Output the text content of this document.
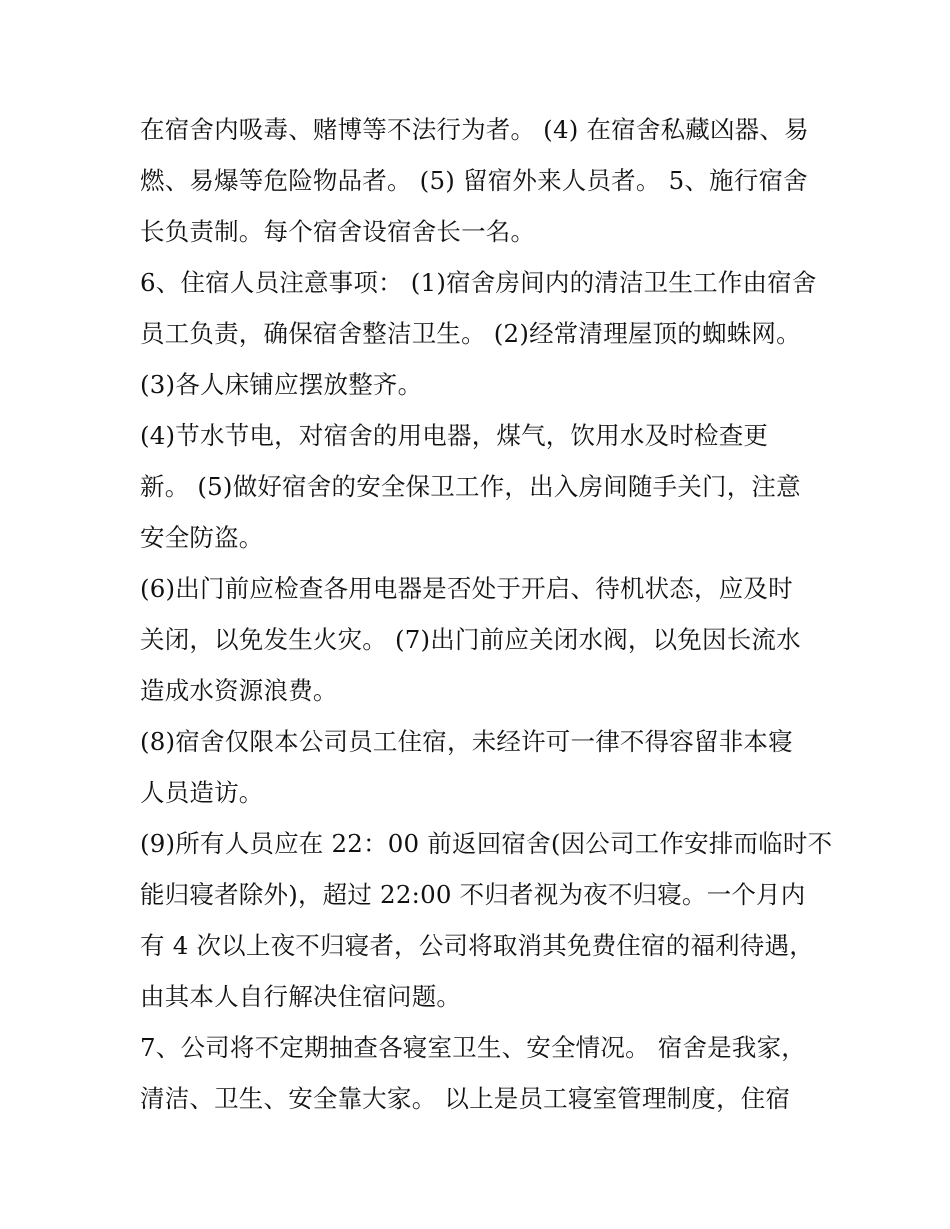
在宿舍内吸毒、赌博等不法行为者。 (4) 在宿舍私藏凶器、易
燃、易爆等危险物品者。 (5) 留宿外来人员者。 5、施行宿舍
长负责制。每个宿舍设宿舍长一名。
6、住宿人员注意事项： (1)宿舍房间内的清洁卫生工作由宿舍
员工负责，确保宿舍整洁卫生。 (2)经常清理屋顶的蜘蛛网。
(3)各人床铺应摆放整齐。
(4)节水节电，对宿舍的用电器，煤气，饮用水及时检查更
新。 (5)做好宿舍的安全保卫工作，出入房间随手关门，注意
安全防盗。
(6)出门前应检查各用电器是否处于开启、待机状态，应及时
关闭，以免发生火灾。 (7)出门前应关闭水阀，以免因长流水
造成水资源浪费。
(8)宿舍仅限本公司员工住宿，未经许可一律不得容留非本寝
人员造访。
(9)所有人员应在 22：00 前返回宿舍(因公司工作安排而临时不
能归寝者除外)，超过 22:00 不归者视为夜不归寝。一个月内
有 4 次以上夜不归寝者，公司将取消其免费住宿的福利待遇，
由其本人自行解决住宿问题。
7、公司将不定期抽查各寝室卫生、安全情况。 宿舍是我家，
清洁、卫生、安全靠大家。 以上是员工寝室管理制度，住宿
